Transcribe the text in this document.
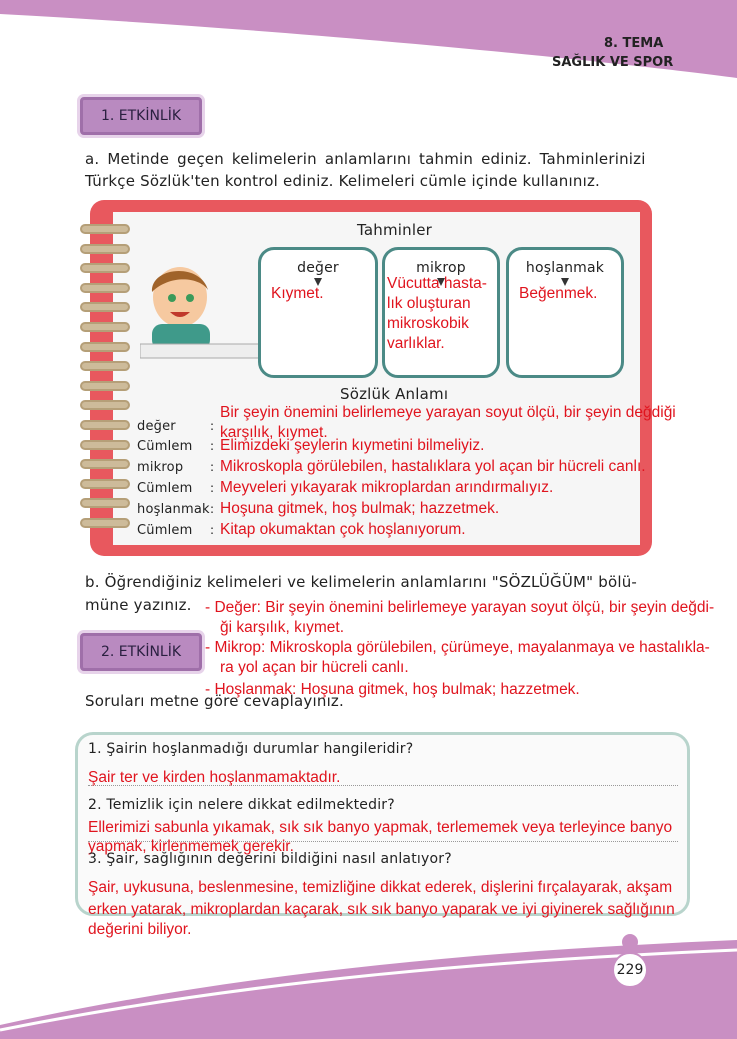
8. TEMA
SAĞLIK VE SPOR
1. ETKİNLİK
a. Metinde geçen kelimelerin anlamlarını tahmin ediniz. Tahminlerinizi
Türkçe Sözlük'ten kontrol ediniz. Kelimeleri cümle içinde kullanınız.
Tahminler
değer
Kıymet.
mikrop
Vücutta hasta-
lık oluşturan
mikroskobik
varlıklar.
hoşlanmak
Beğenmek.
Sözlük Anlamı
değer	:
Bir şeyin önemini belirlemeye yarayan soyut ölçü, bir şeyin değdiği
karşılık, kıymet.
Cümlem : Elimizdeki şeylerin kıymetini bilmeliyiz.
mikrop : Mikroskopla görülebilen, hastalıklara yol açan bir hücreli canlı.
Cümlem : Meyveleri yıkayarak mikroplardan arındırmalıyız.
hoşlanmak : Hoşuna gitmek, hoş bulmak; hazzetmek.
Cümlem : Kitap okumaktan çok hoşlanıyorum.
b. Öğrendiğiniz kelimeleri ve kelimelerin anlamlarını "SÖZLÜĞÜM" bölü-
müne yazınız.
2. ETKİNLİK
- Değer: Bir şeyin önemini belirlemeye yarayan soyut ölçü, bir şeyin değdi-
ği karşılık, kıymet.
- Mikrop: Mikroskopla görülebilen, çürümeye, mayalanmaya ve hastalıkla-
ra yol açan bir hücreli canlı.
- Hoşlanmak: Hoşuna gitmek, hoş bulmak; hazzetmek.
Soruları metne göre cevaplayınız.
1. Şairin hoşlanmadığı durumlar hangileridir?
Şair ter ve kirden hoşlanmamaktadır.
2. Temizlik için nelere dikkat edilmektedir?
Ellerimizi sabunla yıkamak, sık sık banyo yapmak, terlememek veya terleyince banyo
yapmak, kirlenmemek gerekir.
3. Şair, sağlığının değerini bildiğini nasıl anlatıyor?
Şair, uykusuna, beslenmesine, temizliğine dikkat ederek, dişlerini fırçalayarak, akşam
erken yatarak, mikroplardan kaçarak, sık sık banyo yaparak ve iyi giyinerek sağlığının
değerini biliyor.
229
